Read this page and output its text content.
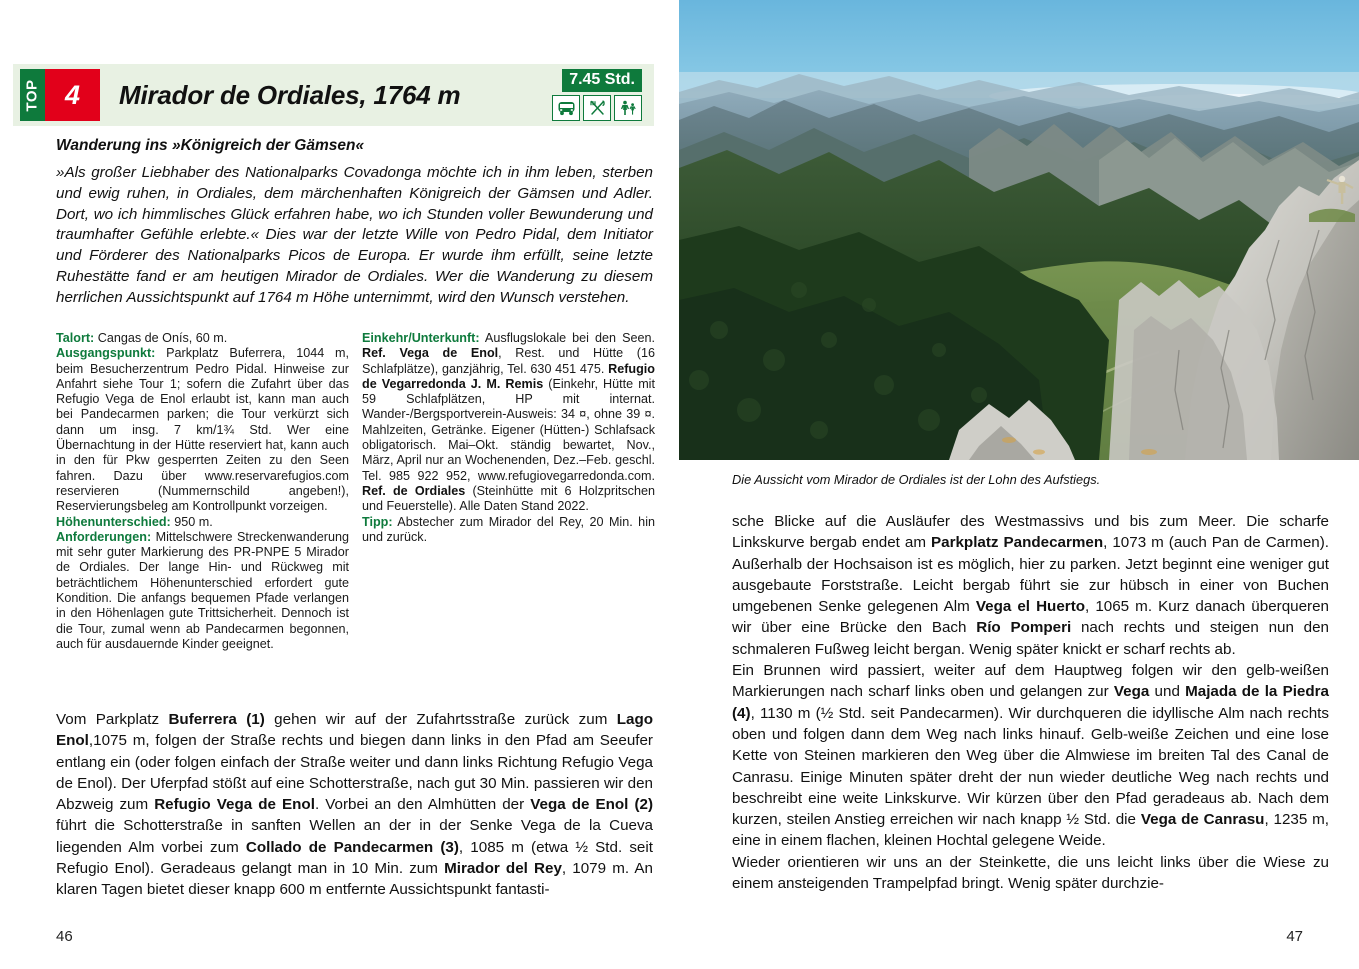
TOP 4 Mirador de Ordiales, 1764 m	7.45 Std.
Wanderung ins »Königreich der Gämsen«
»Als großer Liebhaber des Nationalparks Covadonga möchte ich in ihm leben, sterben und ewig ruhen, in Ordiales, dem märchenhaften Königreich der Gämsen und Adler. Dort, wo ich himmlisches Glück erfahren habe, wo ich Stunden voller Bewunderung und traumhafter Gefühle erlebte.« Dies war der letzte Wille von Pedro Pidal, dem Initiator und Förderer des Nationalparks Picos de Europa. Er wurde ihm erfüllt, seine letzte Ruhestätte fand er am heutigen Mirador de Ordiales. Wer die Wanderung zu diesem herrlichen Aussichtspunkt auf 1764 m Höhe unternimmt, wird den Wunsch verstehen.
Talort: Cangas de Onís, 60 m.
Ausgangspunkt: Parkplatz Buferrera, 1044 m, beim Besucherzentrum Pedro Pidal. Hinweise zur Anfahrt siehe Tour 1; sofern die Zufahrt über das Refugio Vega de Enol erlaubt ist, kann man auch bei Pandecarmen parken; die Tour verkürzt sich dann um insg. 7 km/1¾ Std. Wer eine Übernachtung in der Hütte reserviert hat, kann auch in den für Pkw gesperrten Zeiten zu den Seen fahren. Dazu über www.reservarefugios.com reservieren (Nummernschild angeben!), Reservierungsbeleg am Kontrollpunkt vorzeigen.
Höhenunterschied: 950 m.
Anforderungen: Mittelschwere Streckenwanderung mit sehr guter Markierung des PR-PNPE 5 Mirador de Ordiales. Der lange Hin- und Rückweg mit beträchtlichem Höhenunterschied erfordert gute Kondition. Die anfangs bequemen Pfade verlangen in den Höhenlagen gute Trittsicherheit. Dennoch ist die Tour, zumal wenn ab Pandecarmen begonnen, auch für ausdauernde Kinder geeignet.
Einkehr/Unterkunft: Ausflugslokale bei den Seen. Ref. Vega de Enol, Rest. und Hütte (16 Schlafplätze), ganzjährig, Tel. 630 451 475. Refugio de Vegarredonda J. M. Remis (Einkehr, Hütte mit 59 Schlafplätzen, HP mit internat. Wander-/Bergsportverein-Ausweis: 34 ¤, ohne 39 ¤. Mahlzeiten, Getränke. Eigener (Hütten-) Schlafsack obligatorisch. Mai–Okt. ständig bewartet, Nov., März, April nur an Wochenenden, Dez.–Feb. geschl. Tel. 985 922 952, www.refugiovegarredonda.com. Ref. de Ordiales (Steinhütte mit 6 Holzpritschen und Feuerstelle). Alle Daten Stand 2022.
Tipp: Abstecher zum Mirador del Rey, 20 Min. hin und zurück.
Vom Parkplatz Buferrera (1) gehen wir auf der Zufahrtsstraße zurück zum Lago Enol,1075 m, folgen der Straße rechts und biegen dann links in den Pfad am Seeufer entlang ein (oder folgen einfach der Straße weiter und dann links Richtung Refugio Vega de Enol). Der Uferpfad stößt auf eine Schotterstraße, nach gut 30 Min. passieren wir den Abzweig zum Refugio Vega de Enol. Vorbei an den Almhütten der Vega de Enol (2) führt die Schotterstraße in sanften Wellen an der in der Senke Vega de la Cueva liegenden Alm vorbei zum Collado de Pandecarmen (3), 1085 m (etwa ½ Std. seit Refugio Enol). Geradeaus gelangt man in 10 Min. zum Mirador del Rey, 1079 m. An klaren Tagen bietet dieser knapp 600 m entfernte Aussichtspunkt fantasti-
46
Die Aussicht vom Mirador de Ordiales ist der Lohn des Aufstiegs.

sche Blicke auf die Ausläufer des Westmassivs und bis zum Meer. Die scharfe Linkskurve bergab endet am Parkplatz Pandecarmen, 1073 m (auch Pan de Carmen). Außerhalb der Hochsaison ist es möglich, hier zu parken. Jetzt beginnt eine weniger gut ausgebaute Forststraße. Leicht bergab führt sie zur hübsch in einer von Buchen umgebenen Senke gelegenen Alm Vega el Huerto, 1065 m. Kurz danach überqueren wir über eine Brücke den Bach Río Pomperi nach rechts und steigen nun den schmaleren Fußweg leicht bergan. Wenig später knickt er scharf rechts ab.

Ein Brunnen wird passiert, weiter auf dem Hauptweg folgen wir den gelb-weißen Markierungen nach scharf links oben und gelangen zur Vega und Majada de la Piedra (4), 1130 m (½ Std. seit Pandecarmen). Wir durchqueren die idyllische Alm nach rechts oben und folgen dann dem Weg nach links hinauf. Gelb-weiße Zeichen und eine lose Kette von Steinen markieren den Weg über die Almwiese im breiten Tal des Canal de Canrasu. Einige Minuten später dreht der nun wieder deutliche Weg nach rechts und beschreibt eine weite Linkskurve. Wir kürzen über den Pfad geradeaus ab. Nach dem kurzen, steilen Anstieg erreichen wir nach knapp ½ Std. die Vega de Canrasu, 1235 m, eine in einem flachen, kleinen Hochtal gelegene Weide.

Wieder orientieren wir uns an der Steinkette, die uns leicht links über die Wiese zu einem ansteigenden Trampelpfad bringt. Wenig später durchzie-

47
